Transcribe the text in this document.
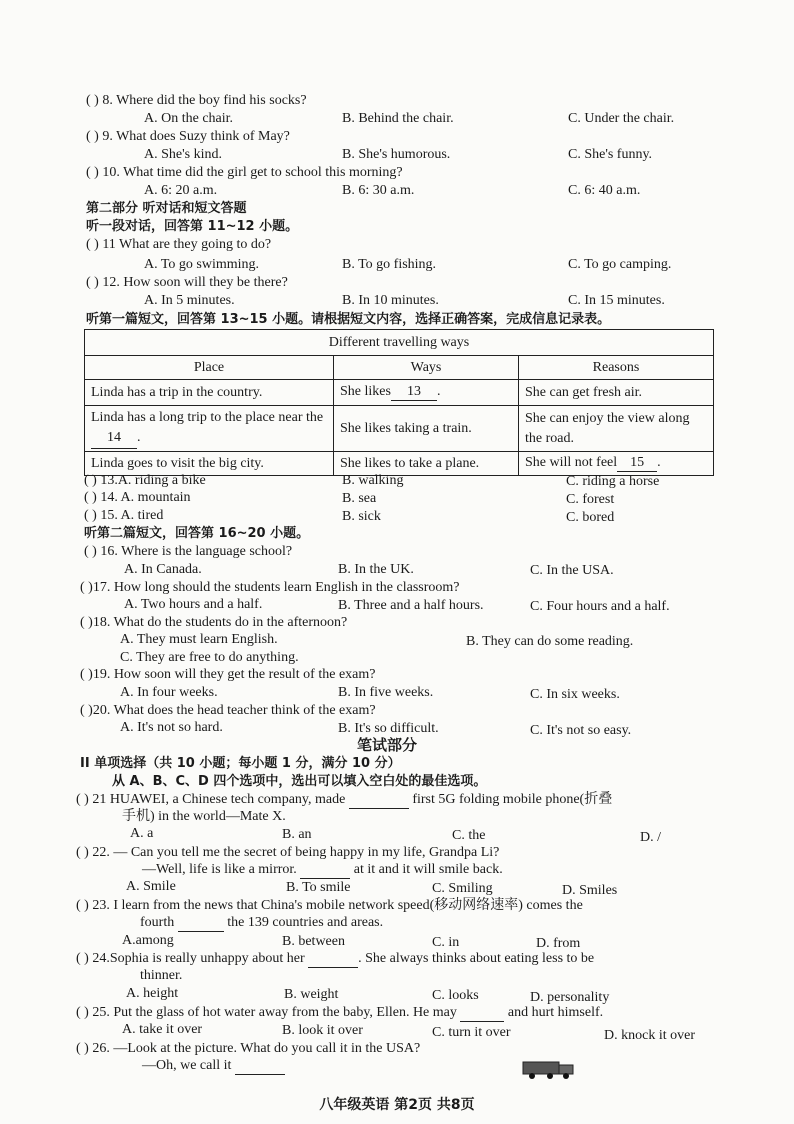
( ) 8. Where did the boy find his socks?
A. On the chair.	B. Behind the chair.	C. Under the chair.
( ) 9. What does Suzy think of May?
A. She's kind.	B. She's humorous.	C. She's funny.
( ) 10. What time did the girl get to school this morning?
A. 6: 20 a.m.	B. 6: 30 a.m.	C. 6: 40 a.m.
第二部分 听对话和短文答题
听一段对话，回答第 11~12 小题。
( ) 11 What are they going to do?
A. To go swimming.	B. To go fishing.	C. To go camping.
( ) 12. How soon will they be there?
A. In 5 minutes.	B. In 10 minutes.	C. In 15 minutes.
听第一篇短文，回答第 13~15 小题。请根据短文内容，选择正确答案，完成信息记录表。
Different travelling ways		
Place	Ways	Reasons
Linda has a trip in the country.	She likes 13 .	She can get fresh air.
Linda has a long trip to the place near the 14 .	She likes taking a train.	She can enjoy the view along the road.
Linda goes to visit the big city.	She likes to take a plane.	She will not feel 15 .
( ) 13.A. riding a bike	B. walking	C. riding a horse
( ) 14. A. mountain	B. sea	C. forest
( ) 15. A. tired	B. sick	C. bored
听第二篇短文，回答第 16~20 小题。
( ) 16. Where is the language school?
A. In Canada.	B. In the UK.	C. In the USA.
( )17. How long should the students learn English in the classroom?
A. Two hours and a half.	B. Three and a half hours.	C. Four hours and a half.
( )18. What do the students do in the afternoon?
A. They must learn English.	B. They can do some reading.
C. They are free to do anything.
( )19. How soon will they get the result of the exam?
A. In four weeks.	B. In five weeks.	C. In six weeks.
( )20. What does the head teacher think of the exam?
A. It's not so hard.	B. It's so difficult.	C. It's not so easy.
笔试部分
II 单项选择（共 10 小题；每小题 1 分，满分 10 分）
从 A、B、C、D 四个选项中，选出可以填入空白处的最佳选项。
( ) 21 HUAWEI, a Chinese tech company, made	first 5G folding mobile phone(折叠
手机) in the world—Mate X.
A. a	B. an	C. the	D. /
( ) 22. — Can you tell me the secret of being happy in my life, Grandpa Li?
—Well, life is like a mirror.	at it and it will smile back.
A. Smile	B. To smile	C. Smiling	D. Smiles
( ) 23. I learn from the news that China's mobile network speed(移动网络速率) comes the
fourth	the 139 countries and areas.
A.among	B. between	C. in	D. from
( ) 24.Sophia is really unhappy about her	. She always thinks about eating less to be
thinner.
A. height	B. weight	C. looks	D. personality
( ) 25. Put the glass of hot water away from the baby, Ellen. He may	and hurt himself.
A. take it over	B. look it over	C. turn it over	D. knock it over
( ) 26. —Look at the picture. What do you call it in the USA?
—Oh, we call it
八年级英语 第2页 共8页
